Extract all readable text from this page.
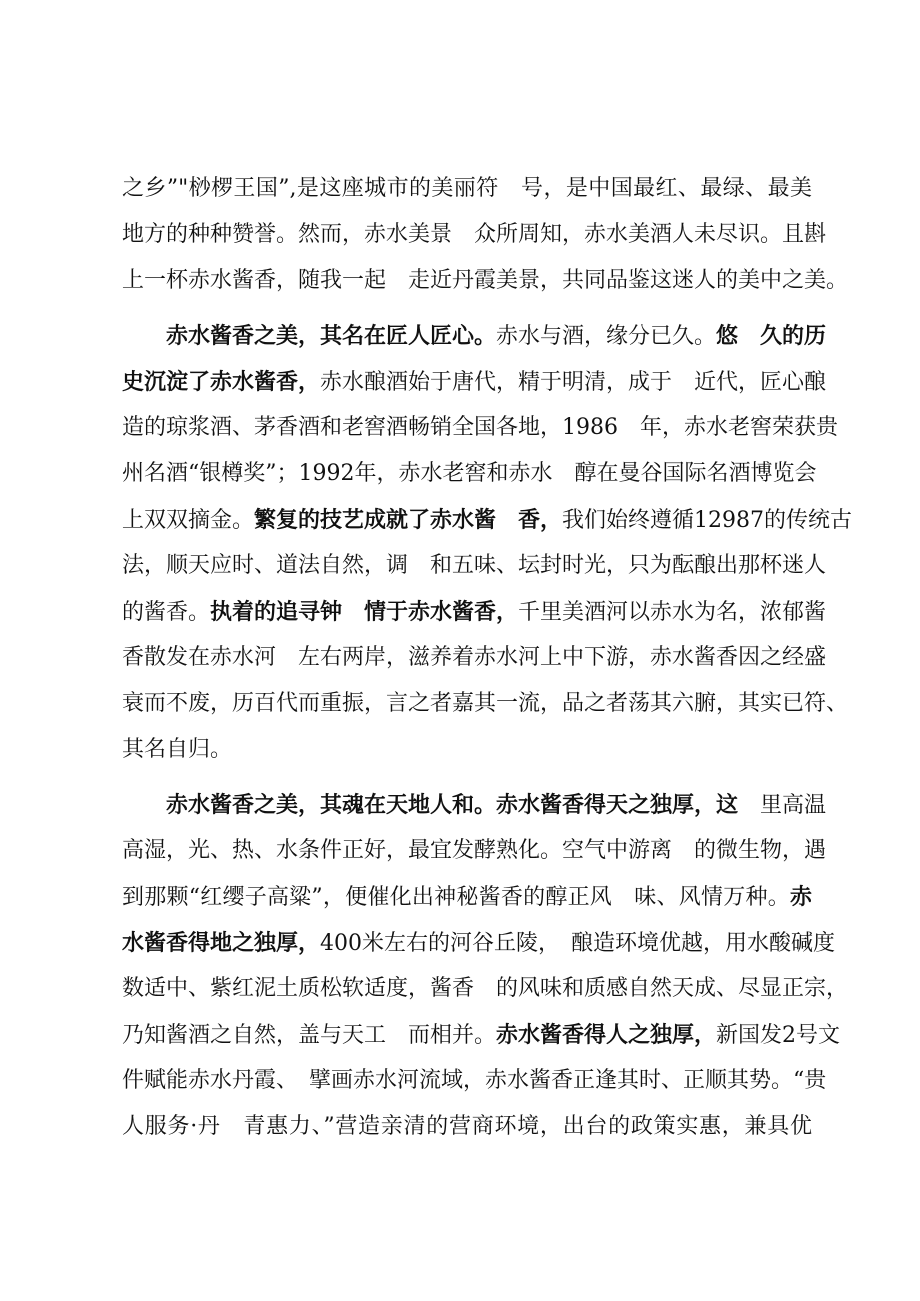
之乡”"桫椤王国”,是这座城市的美丽符　号，是中国最红、最绿、最美
地方的种种赞誉。然而，赤水美景　众所周知，赤水美酒人未尽识。且斟
上一杯赤水酱香，随我一起　走近丹霞美景，共同品鉴这迷人的美中之美。
　　赤水酱香之美，其名在匠人匠心。赤水与酒，缘分已久。悠　久的历
史沉淀了赤水酱香，赤水酿酒始于唐代，精于明清，成于　近代，匠心酿
造的琼浆酒、茅香酒和老窖酒畅销全国各地，1986　年，赤水老窖荣获贵
州名酒“银樽奖”；1992年，赤水老窖和赤水　醇在曼谷国际名酒博览会
上双双摘金。繁复的技艺成就了赤水酱　香，我们始终遵循12987的传统古
法，顺天应时、道法自然，调　和五味、坛封时光，只为酝酿出那杯迷人
的酱香。执着的追寻钟　情于赤水酱香，千里美酒河以赤水为名，浓郁酱
香散发在赤水河　左右两岸，滋养着赤水河上中下游，赤水酱香因之经盛
衰而不废，历百代而重振，言之者嘉其一流，品之者荡其六腑，其实已符、
其名自归。
　　赤水酱香之美，其魂在天地人和。赤水酱香得天之独厚，这　里高温
高湿，光、热、水条件正好，最宜发酵熟化。空气中游离　的微生物，遇
到那颗“红缨子高粱”，便催化出神秘酱香的醇正风　味、风情万种。赤
水酱香得地之独厚，400米左右的河谷丘陵，　酿造环境优越，用水酸碱度
数适中、紫红泥土质松软适度，酱香　的风味和质感自然天成、尽显正宗，
乃知酱酒之自然，盖与天工　而相并。赤水酱香得人之独厚，新国发2号文
件赋能赤水丹霞、　擘画赤水河流域，赤水酱香正逢其时、正顺其势。“贵
人服务·丹　青惠力、”营造亲清的营商环境，出台的政策实惠，兼具优
